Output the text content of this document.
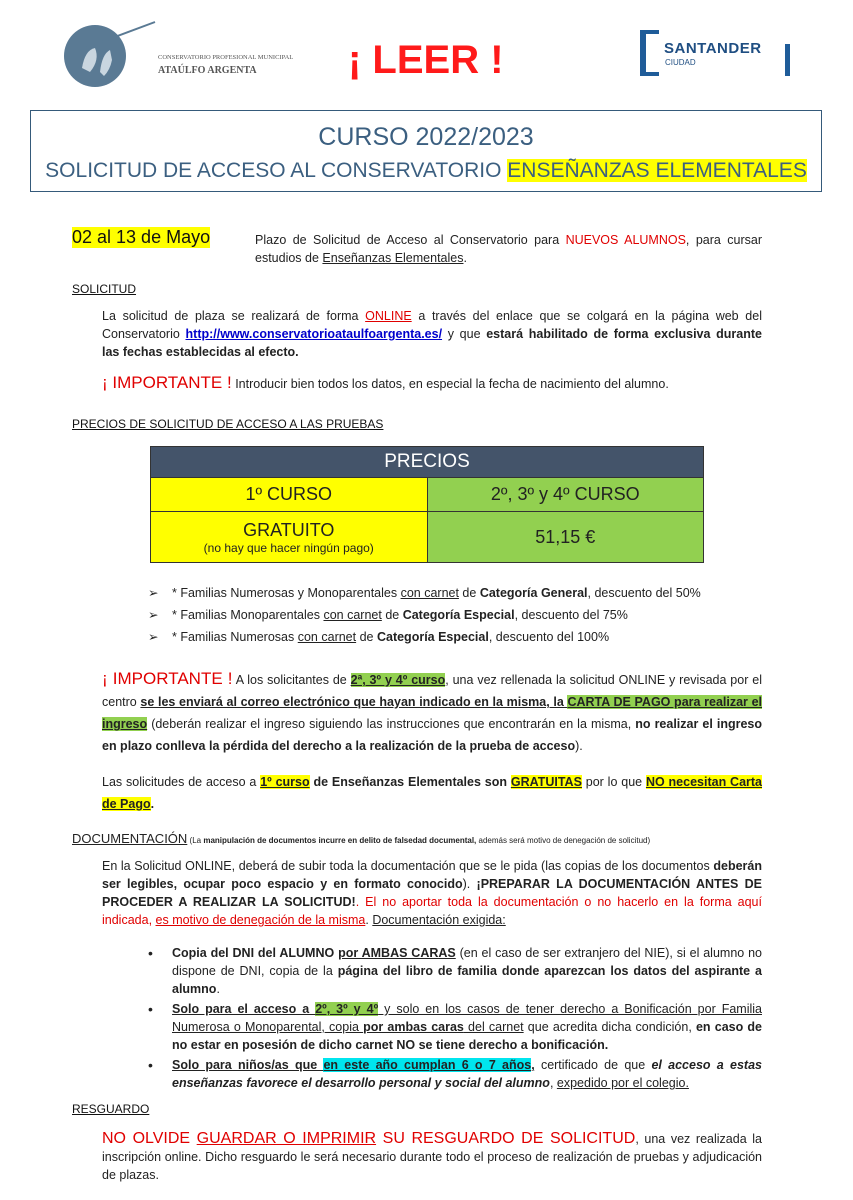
CONSERVATORIO PROFESIONAL MUNICIPAL
ATAÚLFO ARGENTA ¡ LEER !	SANTANDER
CIUDAD
CURSO 2022/2023
SOLICITUD DE ACCESO AL CONSERVATORIO ENSEÑANZAS ELEMENTALES
02 al 13 de Mayo	Plazo de Solicitud de Acceso al Conservatorio para NUEVOS ALUMNOS, para cursar estudios de Enseñanzas Elementales.
SOLICITUD
La solicitud de plaza se realizará de forma ONLINE a través del enlace que se colgará en la página web del Conservatorio http://www.conservatorioataulfoargenta.es/ y que estará habilitado de forma exclusiva durante las fechas establecidas al efecto.
¡ IMPORTANTE ! Introducir bien todos los datos, en especial la fecha de nacimiento del alumno.
PRECIOS DE SOLICITUD DE ACCESO A LAS PRUEBAS
PRECIOS	
1º CURSO	2º, 3º y 4º CURSO

GRATUITO
(no hay que hacer ningún pago)	51,15 €
➢ * Familias Numerosas y Monoparentales con carnet de Categoría General, descuento del 50%
➢ * Familias Monoparentales con carnet de Categoría Especial, descuento del 75%
➢ * Familias Numerosas con carnet de Categoría Especial, descuento del 100%
¡ IMPORTANTE ! A los solicitantes de 2ª, 3º y 4º curso, una vez rellenada la solicitud ONLINE y revisada por el centro se les enviará al correo electrónico que hayan indicado en la misma, la CARTA DE PAGO para realizar el ingreso (deberán realizar el ingreso siguiendo las instrucciones que encontrarán en la misma, no realizar el ingreso en plazo conlleva la pérdida del derecho a la realización de la prueba de acceso).
Las solicitudes de acceso a 1º curso de Enseñanzas Elementales son GRATUITAS por lo que NO necesitan Carta de Pago.
DOCUMENTACIÓN (La manipulación de documentos incurre en delito de falsedad documental, además será motivo de denegación de solicitud)
En la Solicitud ONLINE, deberá de subir toda la documentación que se le pida (las copias de los documentos deberán ser legibles, ocupar poco espacio y en formato conocido). ¡PREPARAR LA DOCUMENTACIÓN ANTES DE PROCEDER A REALIZAR LA SOLICITUD!. El no aportar toda la documentación o no hacerlo en la forma aquí indicada, es motivo de denegación de la misma. Documentación exigida:
• Copia del DNI del ALUMNO por AMBAS CARAS (en el caso de ser extranjero del NIE), si el alumno no dispone de DNI, copia de la página del libro de familia donde aparezcan los datos del aspirante a alumno.
• Solo para el acceso a 2º, 3º y 4º y solo en los casos de tener derecho a Bonificación por Familia Numerosa o Monoparental, copia por ambas caras del carnet que acredita dicha condición, en caso de no estar en posesión de dicho carnet NO se tiene derecho a bonificación.
• Solo para niños/as que en este año cumplan 6 o 7 años, certificado de que el acceso a estas enseñanzas favorece el desarrollo personal y social del alumno, expedido por el colegio.
RESGUARDO
NO OLVIDE GUARDAR O IMPRIMIR SU RESGUARDO DE SOLICITUD, una vez realizada la inscripción online. Dicho resguardo le será necesario durante todo el proceso de realización de pruebas y adjudicación de plazas.
